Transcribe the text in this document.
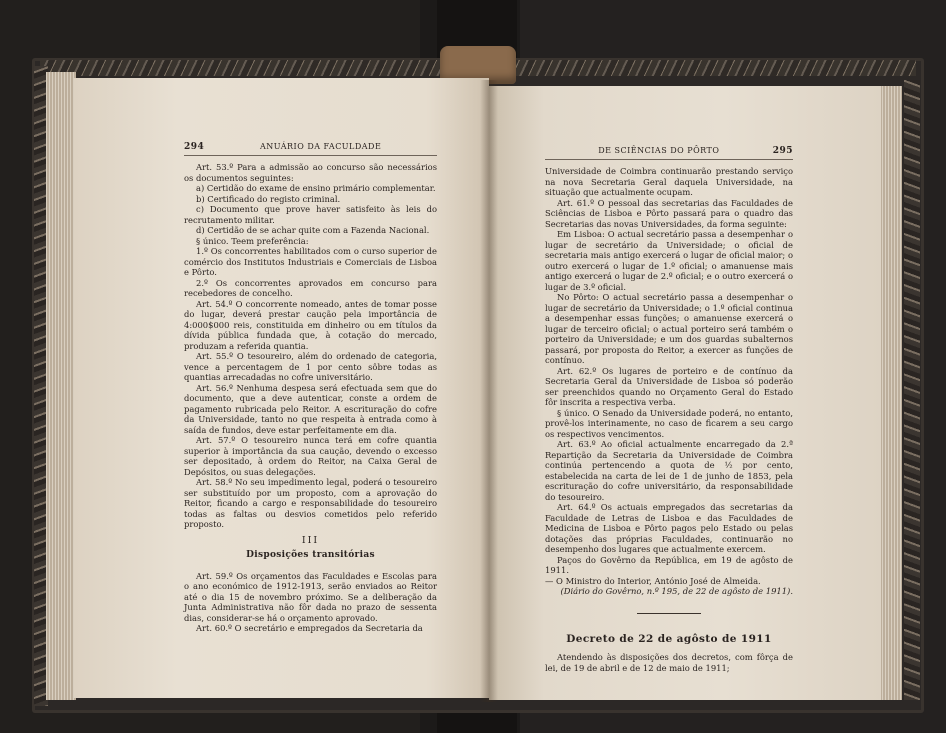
294	ANUÁRIO DA FACULDADE

Art. 53.º Para a admissão ao concurso são necessários os documentos seguintes:

a) Certidão do exame de ensino primário complementar.

b) Certificado do registo criminal.

c) Documento que prove haver satisfeito às leis do recrutamento militar.

d) Certidão de se achar quite com a Fazenda Nacional.

§ único. Teem preferência:

1.º Os concorrentes habilitados com o curso superior de comércio dos Institutos Industriais e Comerciais de Lisboa e Pôrto.

2.º Os concorrentes aprovados em concurso para recebedores de concelho.

Art. 54.º O concorrente nomeado, antes de tomar posse do lugar, deverá prestar caução pela importância de 4:000$000 reis, constituida em dinheiro ou em títulos da dívida pública fundada que, à cotação do mercado, produzam a referida quantia.

Art. 55.º O tesoureiro, além do ordenado de categoria, vence a percentagem de 1 por cento sôbre todas as quantias arrecadadas no cofre universitário.

Art. 56.º Nenhuma despesa será efectuada sem que do documento, que a deve autenticar, conste a ordem de pagamento rubricada pelo Reitor. A escrituração do cofre da Universidade, tanto no que respeita à entrada como à saída de fundos, deve estar perfeitamente em dia.

Art. 57.º O tesoureiro nunca terá em cofre quantia superior à importância da sua caução, devendo o excesso ser depositado, à ordem do Reitor, na Caixa Geral de Depósitos, ou suas delegações.

Art. 58.º No seu impedimento legal, poderá o tesoureiro ser substituído por um proposto, com a aprovação do Reitor, ficando a cargo e responsabilidade do tesoureiro todas as faltas ou desvios cometidos pelo referido proposto.

III
Disposições transitórias

Art. 59.º Os orçamentos das Faculdades e Escolas para o ano económico de 1912-1913, serão enviados ao Reitor até o dia 15 de novembro próximo. Se a deliberação da Junta Administrativa não fôr dada no prazo de sessenta dias, considerar-se há o orçamento aprovado.

Art. 60.º O secretário e empregados da Secretaria da

DE SCIÊNCIAS DO PÔRTO	295

Universidade de Coimbra continuarão prestando serviço na nova Secretaria Geral daquela Universidade, na situação que actualmente ocupam.

Art. 61.º O pessoal das secretarias das Faculdades de Sciências de Lisboa e Pôrto passará para o quadro das Secretarias das novas Universidades, da forma seguinte:

Em Lisboa: O actual secretário passa a desempenhar o lugar de secretário da Universidade; o oficial de secretaria mais antigo exercerá o lugar de oficial maior; o outro exercerá o lugar de 1.º oficial; o amanuense mais antigo exercerá o lugar de 2.º oficial; e o outro exercerá o lugar de 3.º oficial.

No Pôrto: O actual secretário passa a desempenhar o lugar de secretário da Universidade; o 1.º oficial continua a desempenhar essas funções; o amanuense exercerá o lugar de terceiro oficial; o actual porteiro será também o porteiro da Universidade; e um dos guardas subalternos passará, por proposta do Reitor, a exercer as funções de contínuo.

Art. 62.º Os lugares de porteiro e de contínuo da Secretaria Geral da Universidade de Lisboa só poderão ser preenchidos quando no Orçamento Geral do Estado fôr inscrita a respectiva verba.

§ único. O Senado da Universidade poderá, no entanto, provê-los interinamente, no caso de ficarem a seu cargo os respectivos vencimentos.

Art. 63.º Ao oficial actualmente encarregado da 2.ª Repartição da Secretaria da Universidade de Coimbra continúa pertencendo a quota de ½ por cento, estabelecida na carta de lei de 1 de junho de 1853, pela escrituração do cofre universitário, da responsabilidade do tesoureiro.

Art. 64.º Os actuais empregados das secretarias da Faculdade de Letras de Lisboa e das Faculdades de Medicina de Lisboa e Pôrto pagos pelo Estado ou pelas dotações das próprias Faculdades, continuarão no desempenho dos lugares que actualmente exercem.

Paços do Govêrno da República, em 19 de agôsto de 1911.

— O Ministro do Interior, António José de Almeida.

(Diário do Govêrno, n.º 195, de 22 de agôsto de 1911).
Decreto de 22 de agôsto de 1911

Atendendo às disposições dos decretos, com fôrça de lei, de 19 de abril e de 12 de maio de 1911;
